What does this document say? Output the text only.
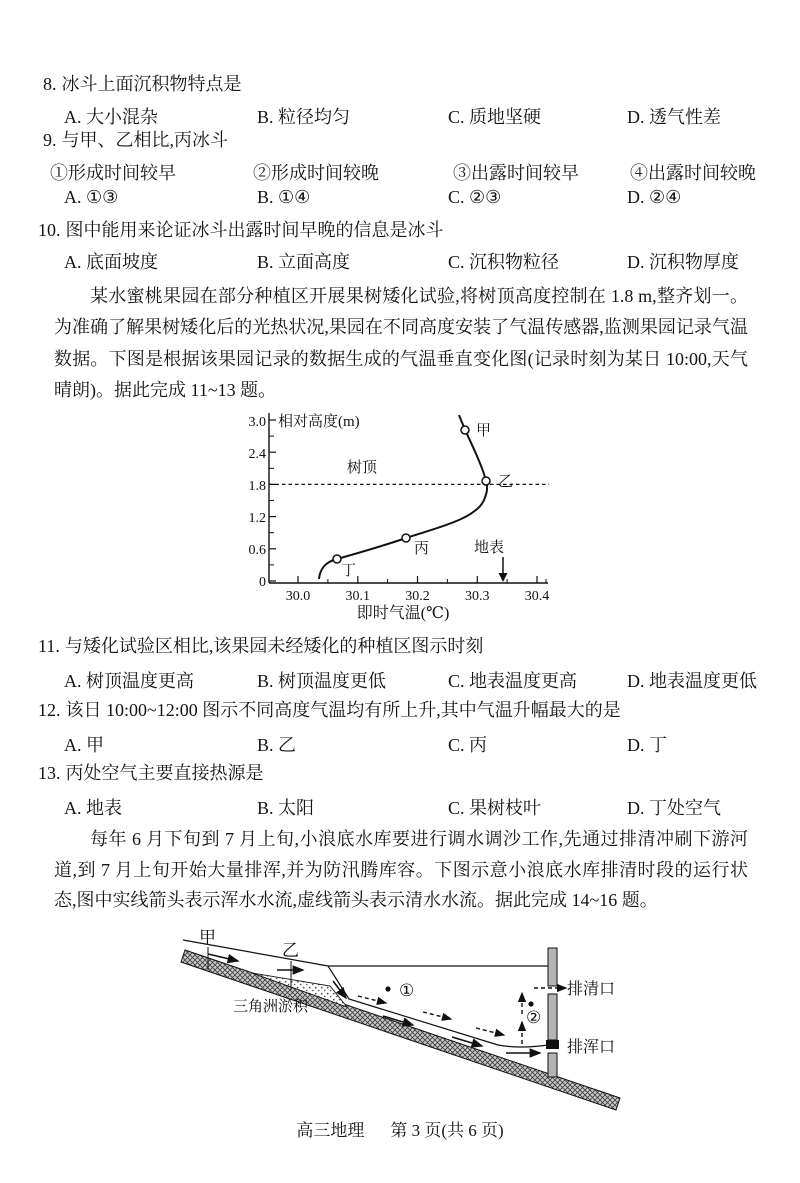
8. 冰斗上面沉积物特点是
A. 大小混杂	B. 粒径均匀	C. 质地坚硬	D. 透气性差
9. 与甲、乙相比,丙冰斗
①形成时间较早	②形成时间较晚	③出露时间较早	④出露时间较晚
A. ①③	B. ①④	C. ②③	D. ②④
10. 图中能用来论证冰斗出露时间早晚的信息是冰斗
A. 底面坡度	B. 立面高度	C. 沉积物粒径	D. 沉积物厚度
某水蜜桃果园在部分种植区开展果树矮化试验,将树顶高度控制在 1.8 m,整齐划一。为准确了解果树矮化后的光热状况,果园在不同高度安装了气温传感器,监测果园记录气温数据。下图是根据该果园记录的数据生成的气温垂直变化图(记录时刻为某日 10:00,天气晴朗)。据此完成 11~13 题。
相对高度(m)
树顶
甲
乙
丙
丁
地表
0
0.6
1.2
1.8
2.4
3.0
30.0	30.1	30.2	30.3	30.4
即时气温(℃)
11. 与矮化试验区相比,该果园未经矮化的种植区图示时刻
A. 树顶温度更高	B. 树顶温度更低	C. 地表温度更高	D. 地表温度更低
12. 该日 10:00~12:00 图示不同高度气温均有所上升,其中气温升幅最大的是
A. 甲	B. 乙	C. 丙	D. 丁
13. 丙处空气主要直接热源是
A. 地表	B. 太阳	C. 果树枝叶	D. 丁处空气
每年 6 月下旬到 7 月上旬,小浪底水库要进行调水调沙工作,先通过排清冲刷下游河道,到 7 月上旬开始大量排浑,并为防汛腾库容。下图示意小浪底水库排清时段的运行状态,图中实线箭头表示浑水水流,虚线箭头表示清水水流。据此完成 14~16 题。
甲
乙
三角洲淤积
①
②
排清口
排浑口
高三地理 第 3 页(共 6 页)
